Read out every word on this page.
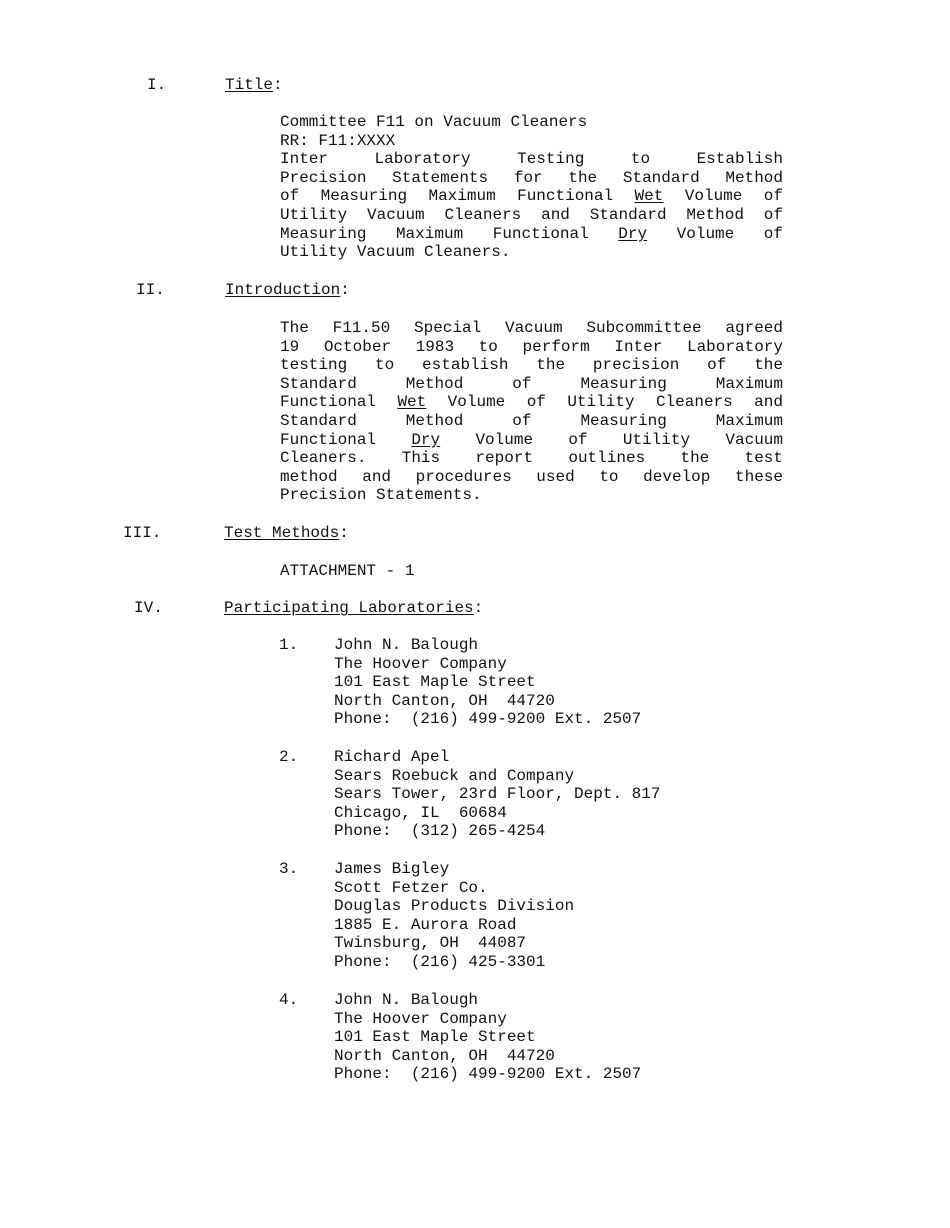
I.	Title:
Committee F11 on Vacuum Cleaners
RR: F11:XXXX
Inter Laboratory Testing to Establish
Precision Statements for the Standard Method
of Measuring Maximum Functional Wet Volume of
Utility Vacuum Cleaners and Standard Method of
Measuring Maximum Functional Dry Volume of
Utility Vacuum Cleaners.
II.	Introduction:
The F11.50 Special Vacuum Subcommittee agreed
19 October 1983 to perform Inter Laboratory
testing to establish the precision of the
Standard Method of Measuring Maximum
Functional Wet Volume of Utility Cleaners and
Standard Method of Measuring Maximum
Functional Dry Volume of Utility Vacuum
Cleaners. This report outlines the test
method and procedures used to develop these
Precision Statements.
III.	Test Methods:
ATTACHMENT - 1
IV.	Participating Laboratories:
1. John N. Balough
The Hoover Company
101 East Maple Street
North Canton, OH  44720
Phone:  (216) 499-9200 Ext. 2507
2. Richard Apel
Sears Roebuck and Company
Sears Tower, 23rd Floor, Dept. 817
Chicago, IL  60684
Phone:  (312) 265-4254
3. James Bigley
Scott Fetzer Co.
Douglas Products Division
1885 E. Aurora Road
Twinsburg, OH  44087
Phone:  (216) 425-3301
4. John N. Balough
The Hoover Company
101 East Maple Street
North Canton, OH  44720
Phone:  (216) 499-9200 Ext. 2507
